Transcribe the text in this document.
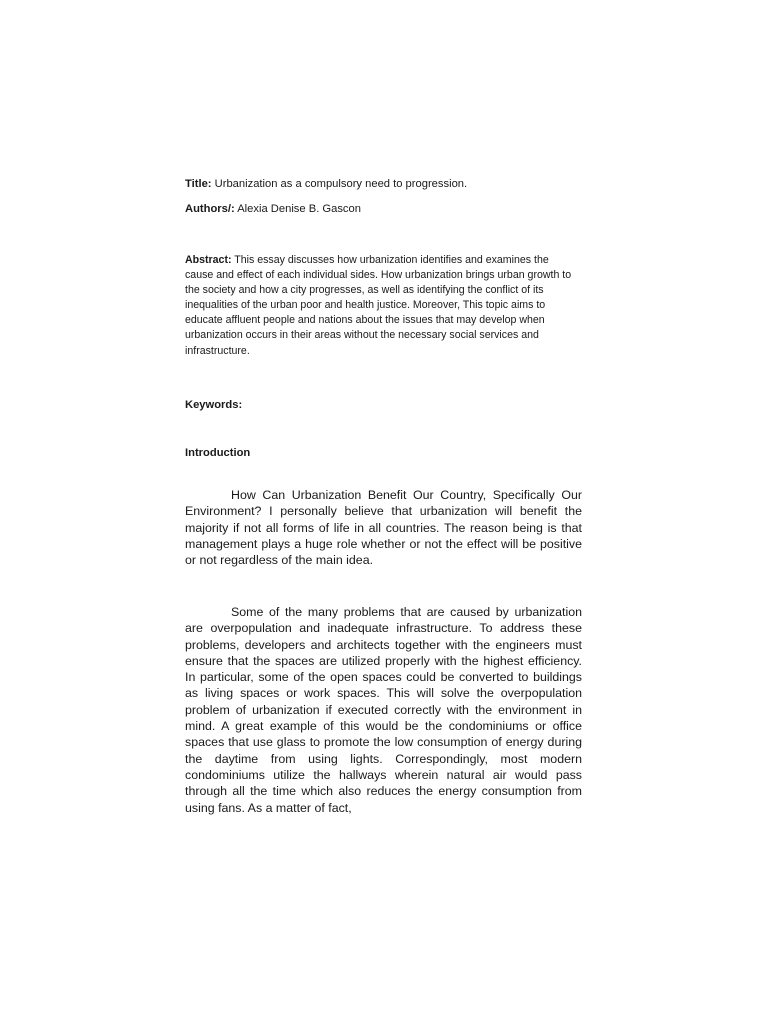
Title: Urbanization as a compulsory need to progression.
Authors/: Alexia Denise B. Gascon
Abstract: This essay discusses how urbanization identifies and examines the cause and effect of each individual sides. How urbanization brings urban growth to the society and how a city progresses, as well as identifying the conflict of its inequalities of the urban poor and health justice. Moreover, This topic aims to educate affluent people and nations about the issues that may develop when urbanization occurs in their areas without the necessary social services and infrastructure.
Keywords:
Introduction
How Can Urbanization Benefit Our Country, Specifically Our Environment? I personally believe that urbanization will benefit the majority if not all forms of life in all countries. The reason being is that management plays a huge role whether or not the effect will be positive or not regardless of the main idea.
Some of the many problems that are caused by urbanization are overpopulation and inadequate infrastructure. To address these problems, developers and architects together with the engineers must ensure that the spaces are utilized properly with the highest efficiency. In particular, some of the open spaces could be converted to buildings as living spaces or work spaces. This will solve the overpopulation problem of urbanization if executed correctly with the environment in mind. A great example of this would be the condominiums or office spaces that use glass to promote the low consumption of energy during the daytime from using lights. Correspondingly, most modern condominiums utilize the hallways wherein natural air would pass through all the time which also reduces the energy consumption from using fans. As a matter of fact,
